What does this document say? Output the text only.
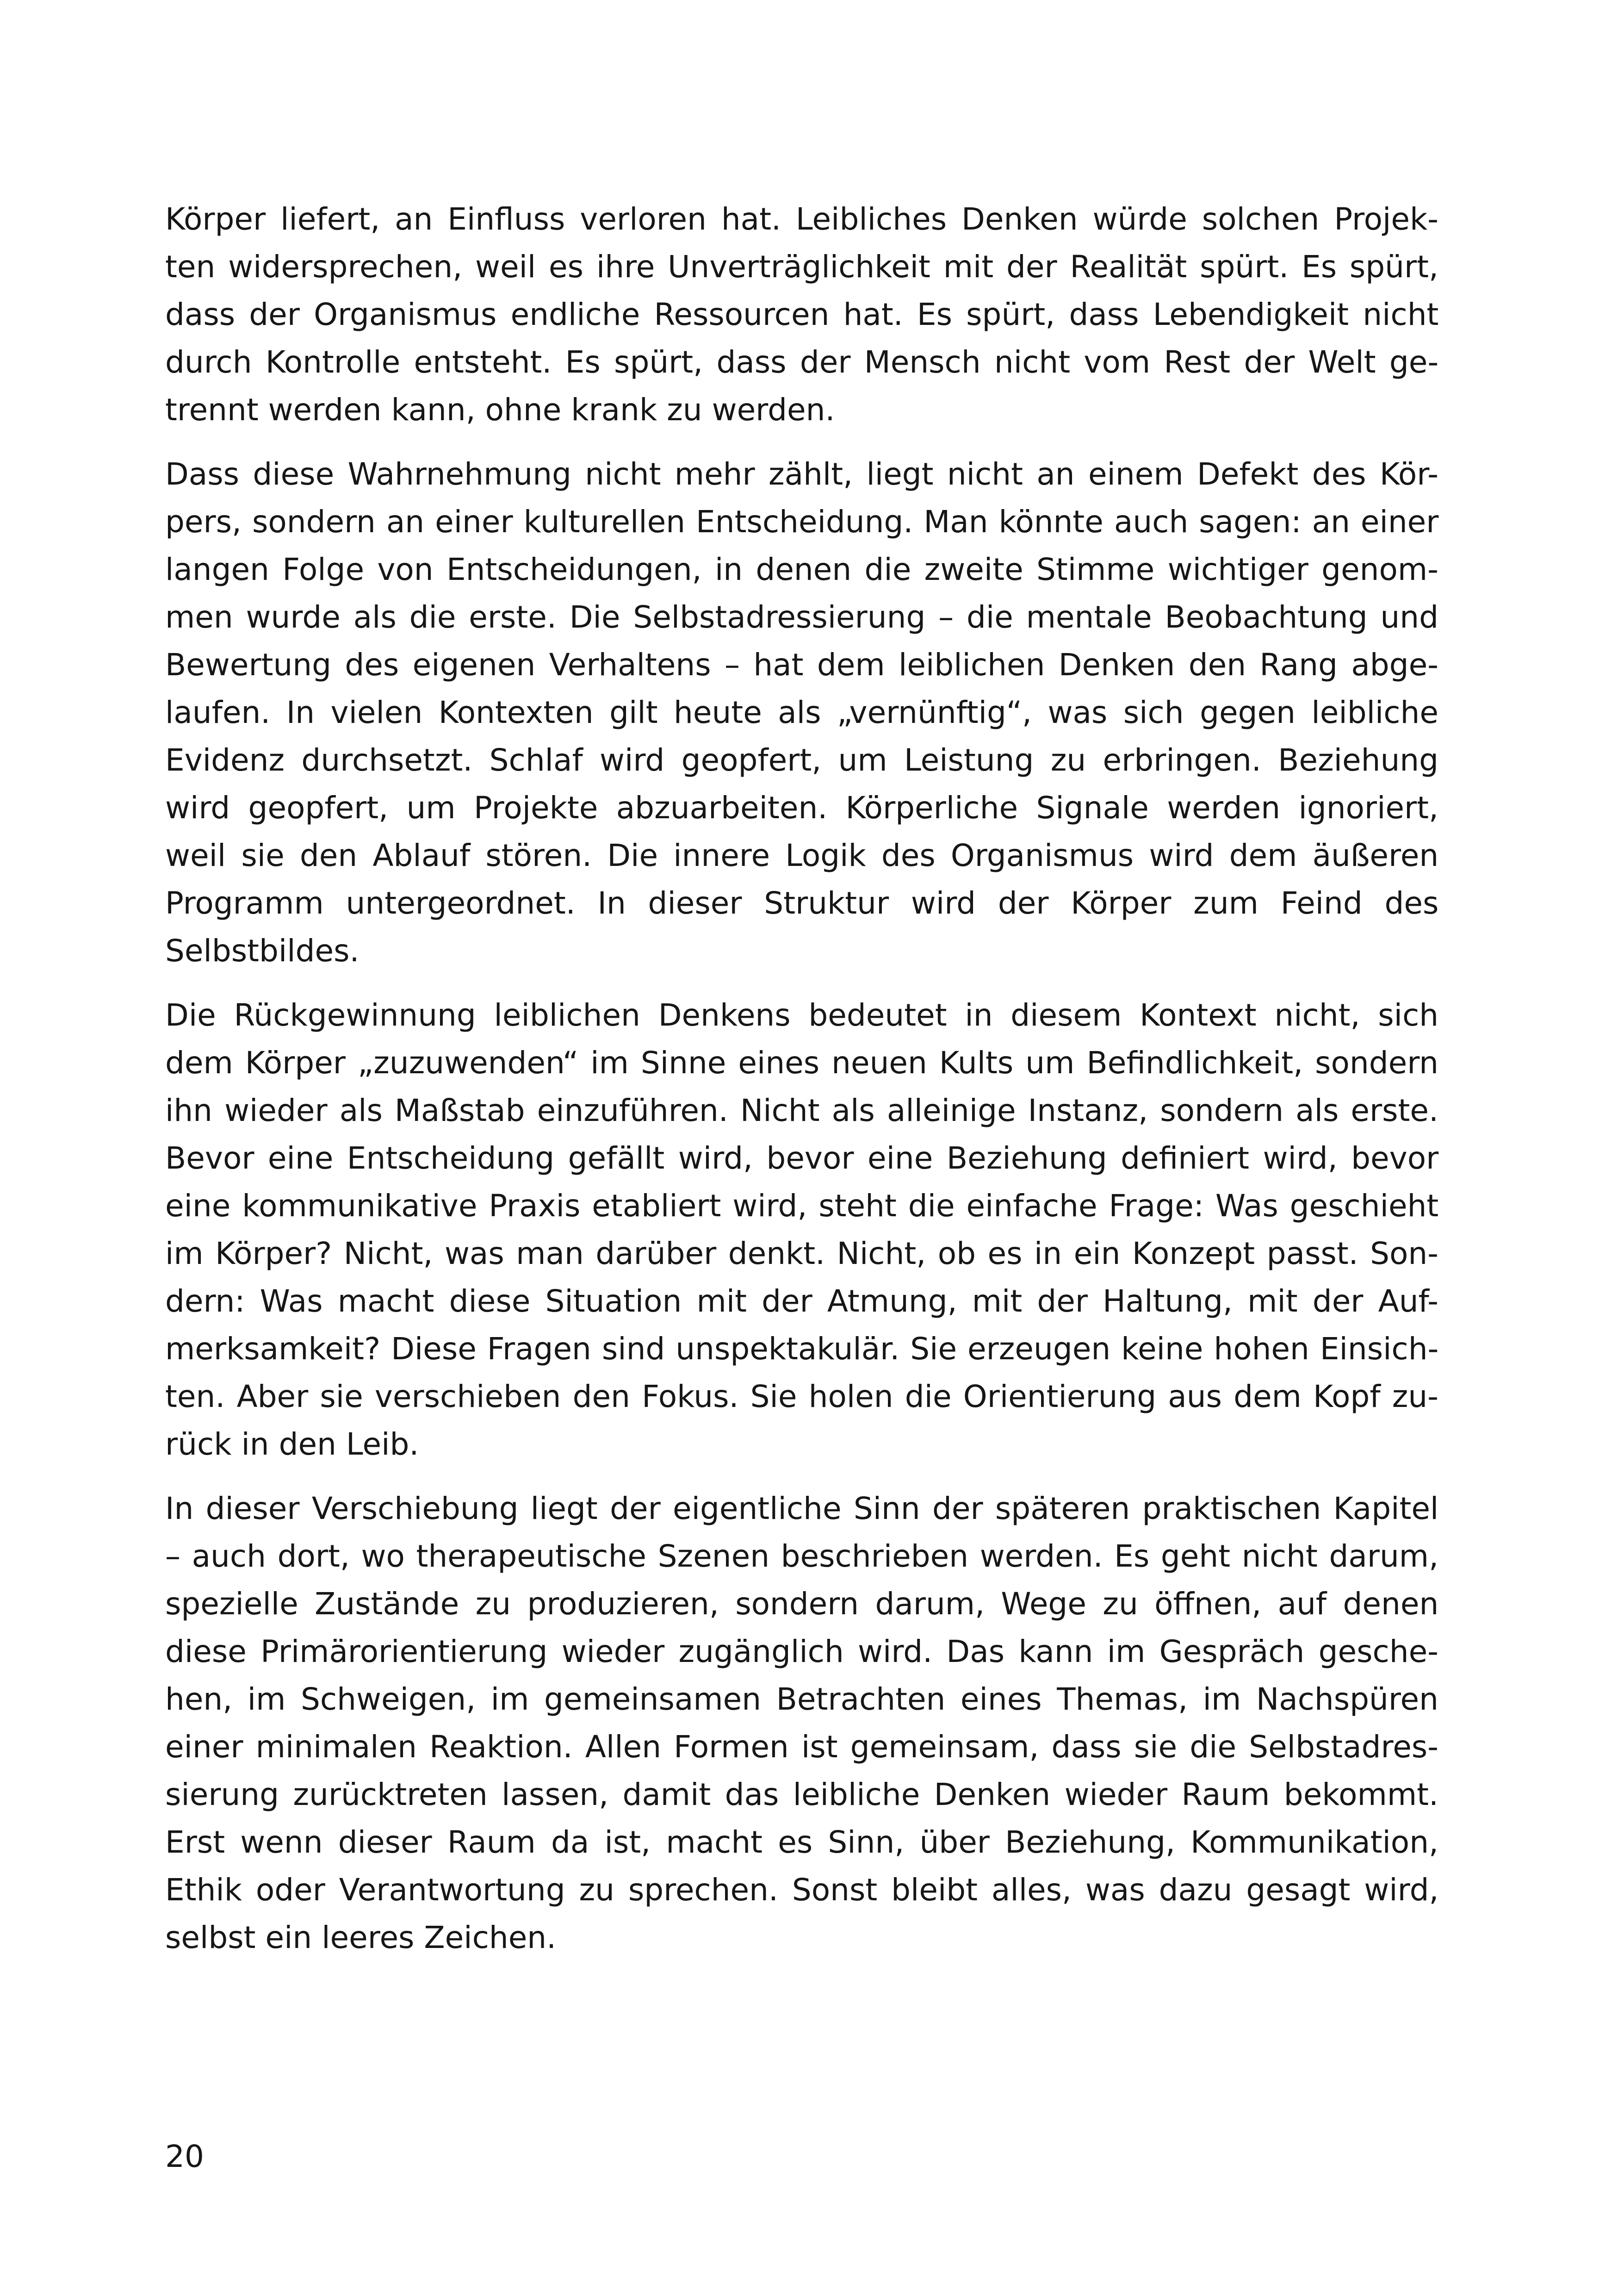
Körper liefert, an Einfluss verloren hat. Leibliches Denken würde solchen Projek-
ten widersprechen, weil es ihre Unverträglichkeit mit der Realität spürt. Es spürt,
dass der Organismus endliche Ressourcen hat. Es spürt, dass Lebendigkeit nicht
durch Kontrolle entsteht. Es spürt, dass der Mensch nicht vom Rest der Welt ge-
trennt werden kann, ohne krank zu werden.

Dass diese Wahrnehmung nicht mehr zählt, liegt nicht an einem Defekt des Kör-
pers, sondern an einer kulturellen Entscheidung. Man könnte auch sagen: an einer
langen Folge von Entscheidungen, in denen die zweite Stimme wichtiger genom-
men wurde als die erste. Die Selbstadressierung – die mentale Beobachtung und
Bewertung des eigenen Verhaltens – hat dem leiblichen Denken den Rang abge-
laufen. In vielen Kontexten gilt heute als „vernünftig“, was sich gegen leibliche
Evidenz durchsetzt. Schlaf wird geopfert, um Leistung zu erbringen. Beziehung
wird geopfert, um Projekte abzuarbeiten. Körperliche Signale werden ignoriert,
weil sie den Ablauf stören. Die innere Logik des Organismus wird dem äußeren
Programm untergeordnet. In dieser Struktur wird der Körper zum Feind des
Selbstbildes.

Die Rückgewinnung leiblichen Denkens bedeutet in diesem Kontext nicht, sich
dem Körper „zuzuwenden“ im Sinne eines neuen Kults um Befindlichkeit, sondern
ihn wieder als Maßstab einzuführen. Nicht als alleinige Instanz, sondern als erste.
Bevor eine Entscheidung gefällt wird, bevor eine Beziehung definiert wird, bevor
eine kommunikative Praxis etabliert wird, steht die einfache Frage: Was geschieht
im Körper? Nicht, was man darüber denkt. Nicht, ob es in ein Konzept passt. Son-
dern: Was macht diese Situation mit der Atmung, mit der Haltung, mit der Auf-
merksamkeit? Diese Fragen sind unspektakulär. Sie erzeugen keine hohen Einsich-
ten. Aber sie verschieben den Fokus. Sie holen die Orientierung aus dem Kopf zu-
rück in den Leib.

In dieser Verschiebung liegt der eigentliche Sinn der späteren praktischen Kapitel
– auch dort, wo therapeutische Szenen beschrieben werden. Es geht nicht darum,
spezielle Zustände zu produzieren, sondern darum, Wege zu öffnen, auf denen
diese Primärorientierung wieder zugänglich wird. Das kann im Gespräch gesche-
hen, im Schweigen, im gemeinsamen Betrachten eines Themas, im Nachspüren
einer minimalen Reaktion. Allen Formen ist gemeinsam, dass sie die Selbstadres-
sierung zurücktreten lassen, damit das leibliche Denken wieder Raum bekommt.
Erst wenn dieser Raum da ist, macht es Sinn, über Beziehung, Kommunikation,
Ethik oder Verantwortung zu sprechen. Sonst bleibt alles, was dazu gesagt wird,
selbst ein leeres Zeichen.

20
